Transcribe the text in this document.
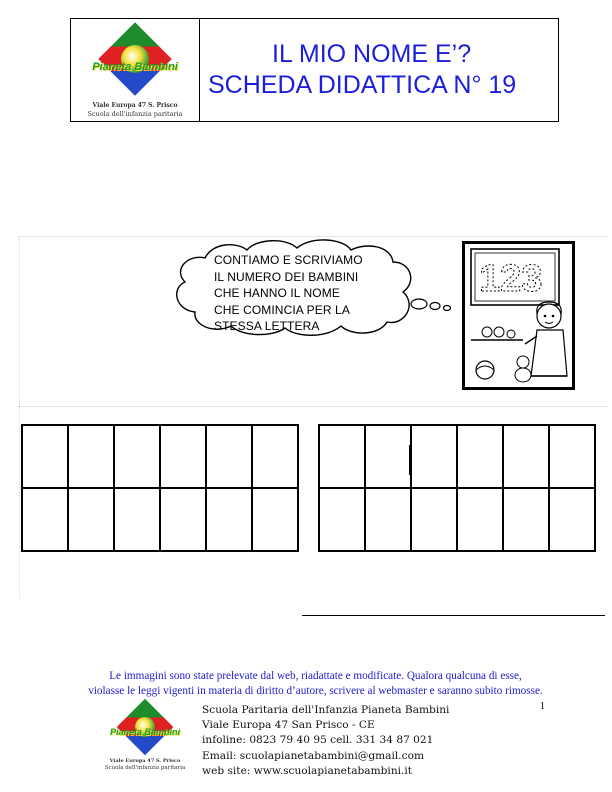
Pianeta Bambini
Viale Europa 47 S. Prisco
Scuola dell'infanzia paritaria
IL MIO NOME E’?
SCHEDA DIDATTICA N° 19
CONTIAMO E SCRIVIAMO
IL NUMERO DEI BAMBINI
CHE HANNO IL NOME
CHE COMINCIA PER LA
STESSA LETTERA
123

Le immagini sono state prelevate dal web, riadattate e modificate. Qualora qualcuna di esse,
violasse le leggi vigenti in materia di diritto d’autore, scrivere al webmaster e saranno subito rimosse.
1
Pianeta Bambini
Viale Europa 47 S. Prisco
Scuola dell'infanzia paritaria
Scuola Paritaria dell'Infanzia Pianeta Bambini
Viale Europa 47 San Prisco - CE
infoline: 0823 79 40 95 cell. 331 34 87 021
Email: scuolapianetabambini@gmail.com
web site: www.scuolapianetabambini.it
